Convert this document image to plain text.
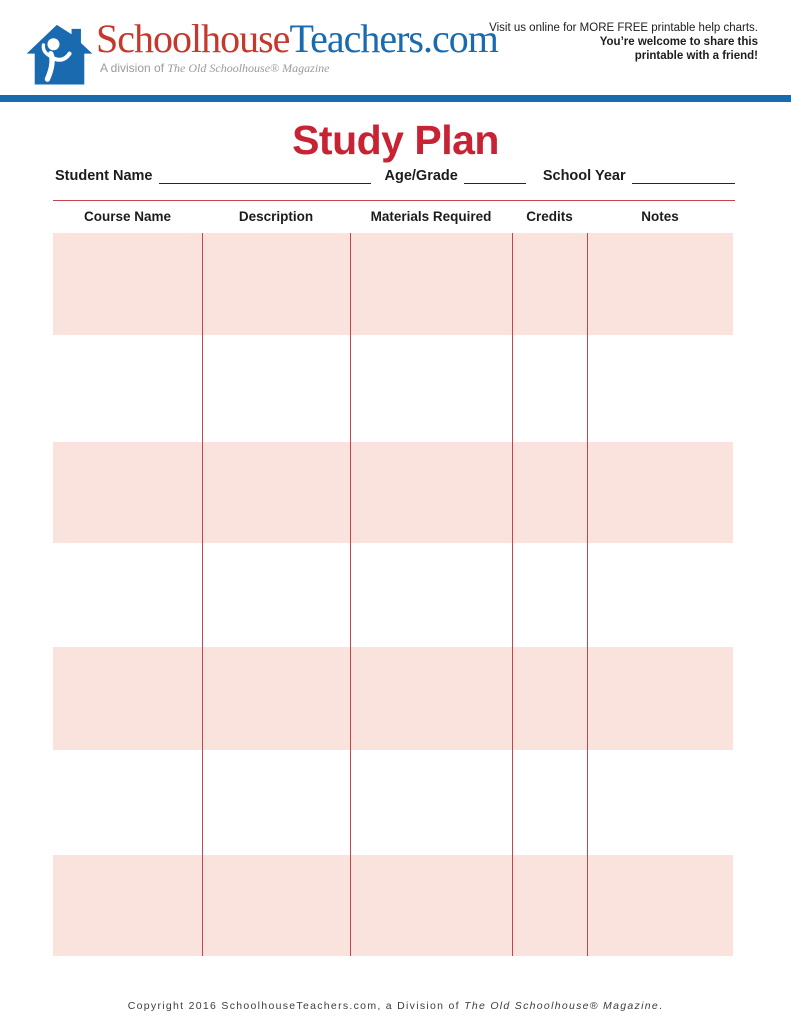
SchoolhouseTeachers.com
A division of The Old Schoolhouse® Magazine
Visit us online for MORE FREE printable help charts.
You’re welcome to share this
printable with a friend!
Study Plan
Student Name	Age/Grade	School Year
Course Name	Description	Materials Required	Credits	Notes
Copyright 2016 SchoolhouseTeachers.com, a Division of The Old Schoolhouse® Magazine.
